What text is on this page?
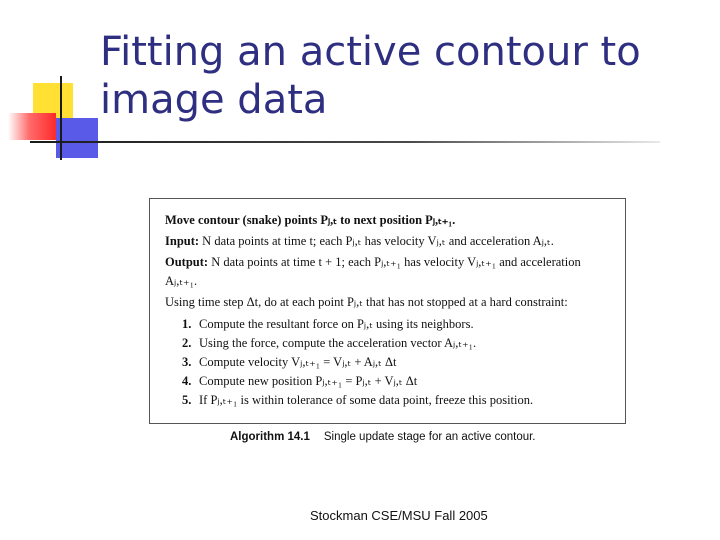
Fitting an active contour to image data
Move contour (snake) points Pⱼ,ₜ to next position Pⱼ,ₜ₊₁.
Input: N data points at time t; each Pⱼ,ₜ has velocity Vⱼ,ₜ and acceleration Aⱼ,ₜ.
Output: N data points at time t + 1; each Pⱼ,ₜ₊₁ has velocity Vⱼ,ₜ₊₁ and acceleration
Aⱼ,ₜ₊₁.
Using time step Δt, do at each point Pⱼ,ₜ that has not stopped at a hard constraint:
1. Compute the resultant force on Pⱼ,ₜ using its neighbors.
2. Using the force, compute the acceleration vector Aⱼ,ₜ₊₁.
3. Compute velocity Vⱼ,ₜ₊₁ = Vⱼ,ₜ + Aⱼ,ₜ Δt
4. Compute new position Pⱼ,ₜ₊₁ = Pⱼ,ₜ + Vⱼ,ₜ Δt
5. If Pⱼ,ₜ₊₁ is within tolerance of some data point, freeze this position.
Algorithm 14.1 Single update stage for an active contour.
Stockman CSE/MSU Fall 2005
